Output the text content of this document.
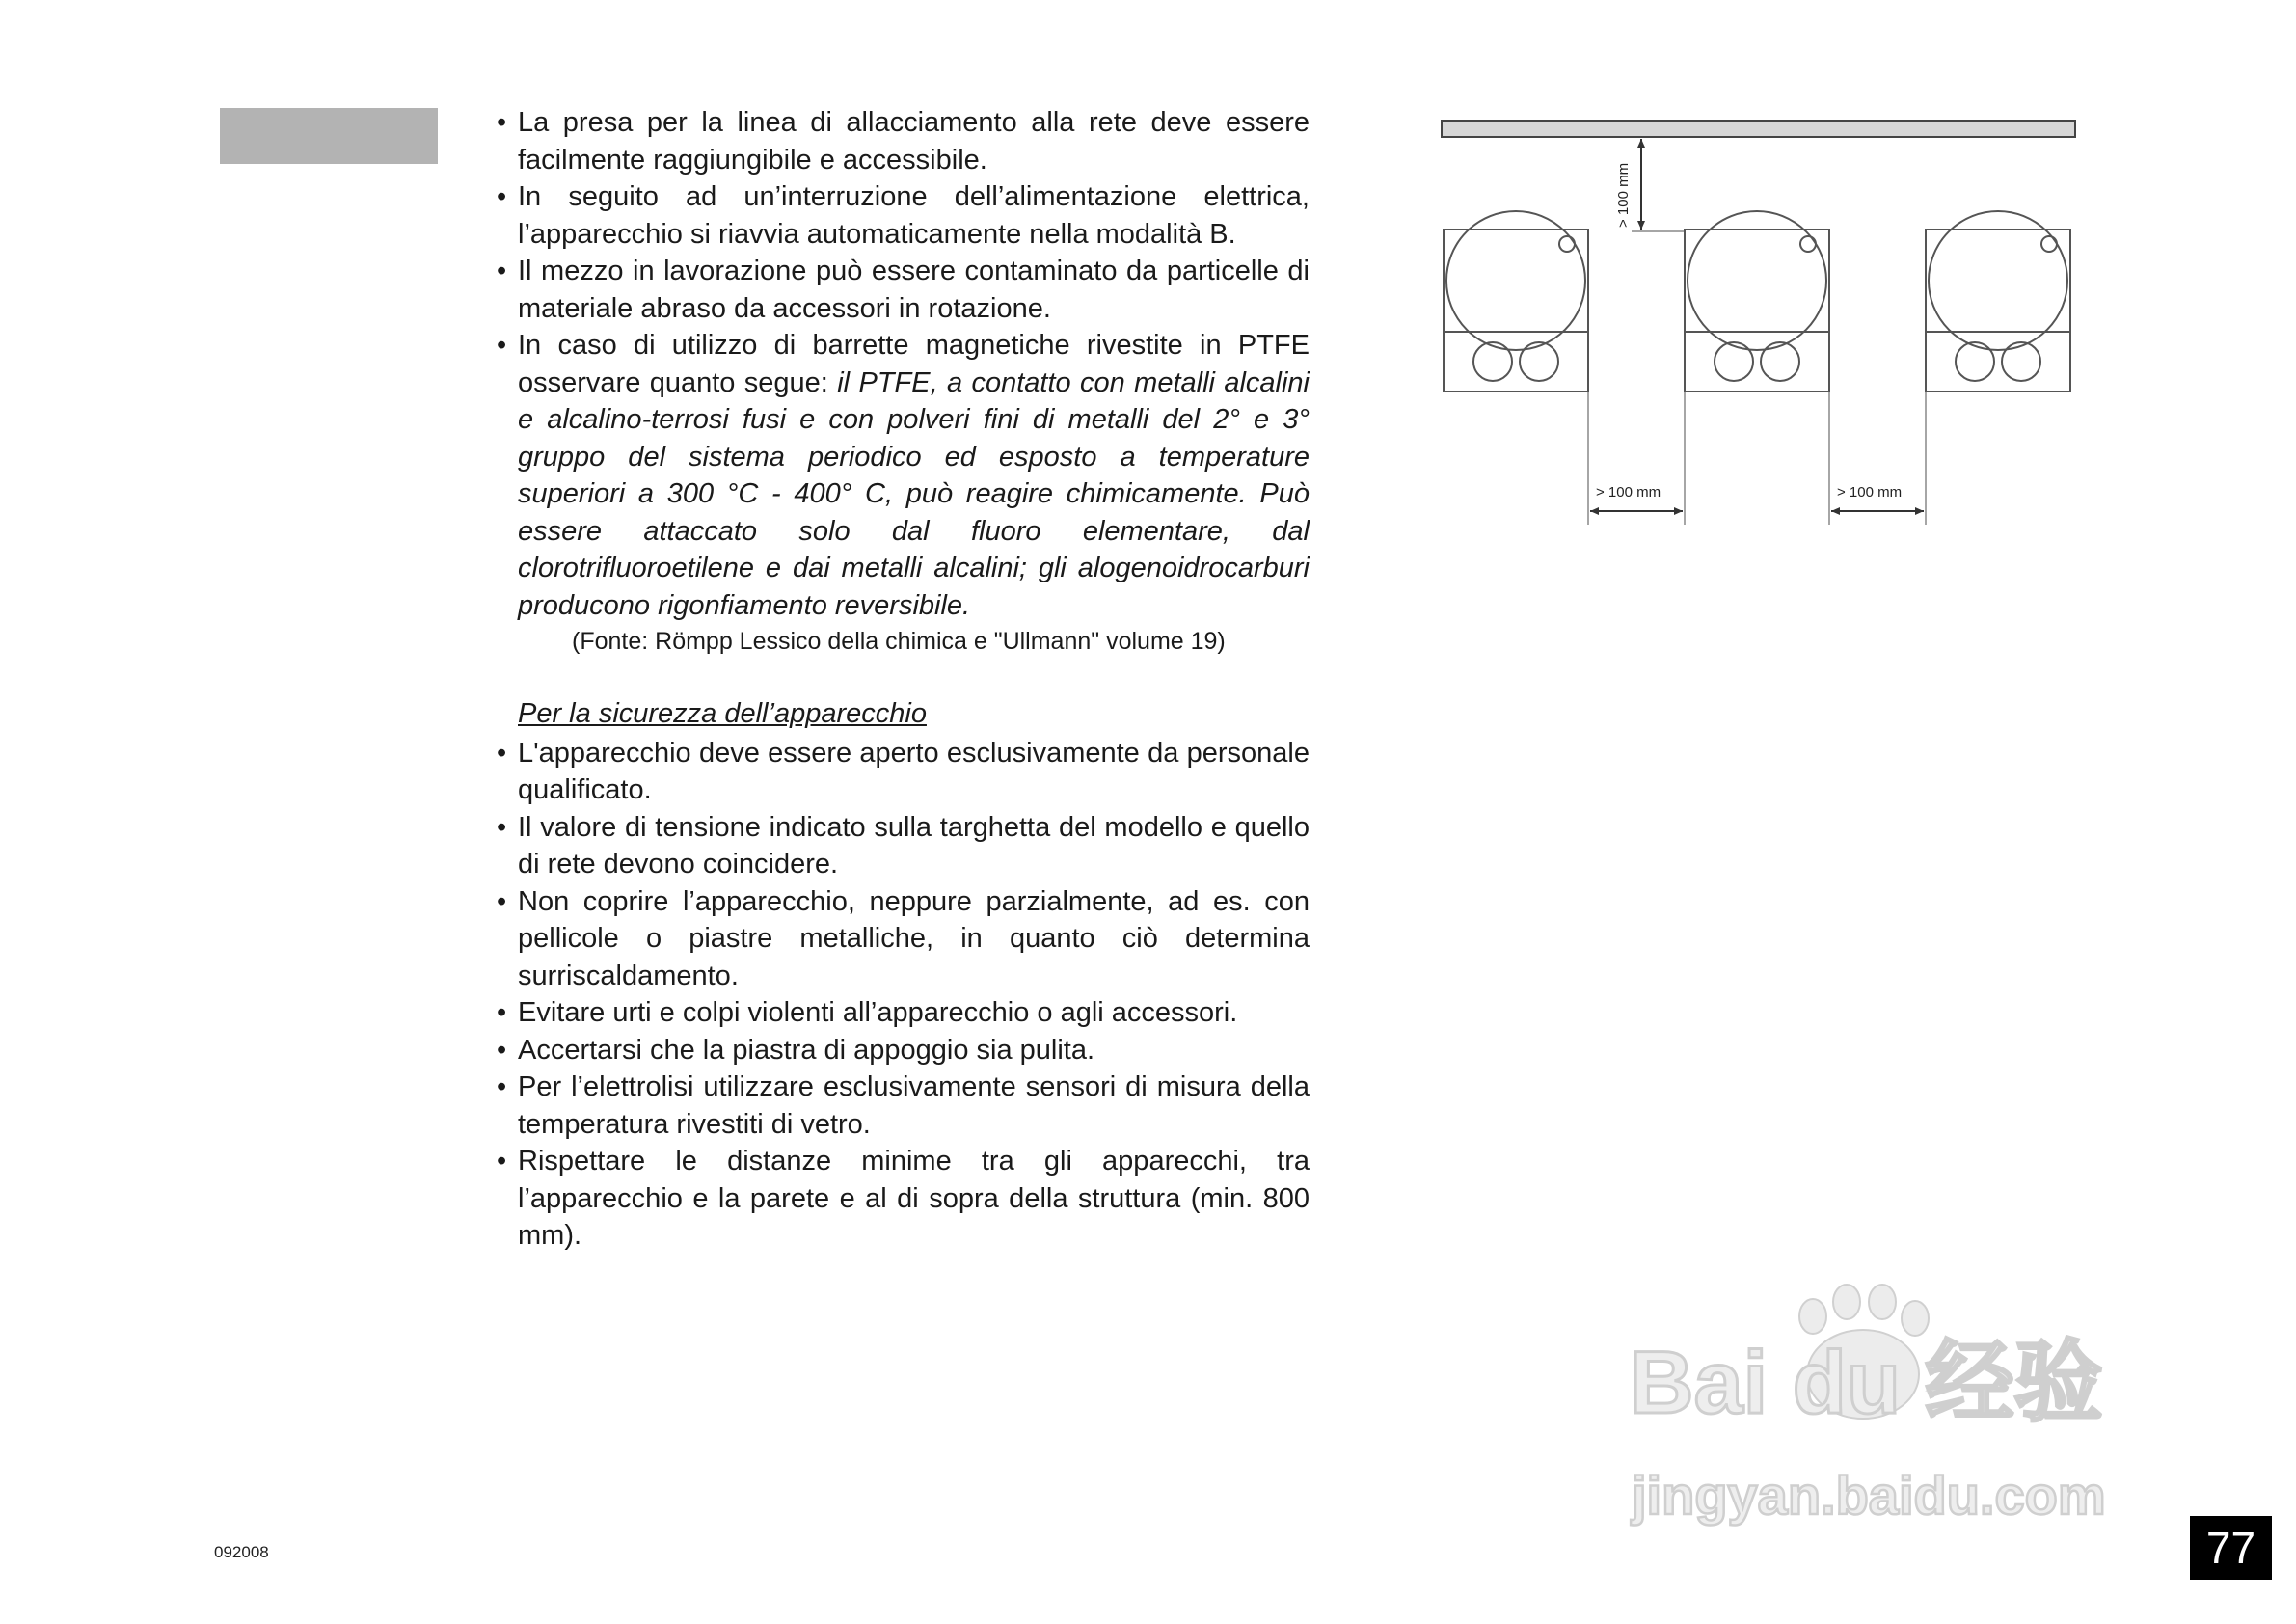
• La presa per la linea di allacciamento alla rete deve essere facilmente raggiungibile e accessibile.
• In seguito ad un’interruzione dell’alimentazione elettrica, l’apparecchio si riavvia automaticamente nella modalità B.
• Il mezzo in lavorazione può essere contaminato da particelle di materiale abraso da accessori in rotazione.
• In caso di utilizzo di barrette magnetiche rivestite in PTFE osservare quanto segue: il PTFE, a contatto con metalli alcalini e alcalino-terrosi fusi e con polveri fini di metalli del 2° e 3° gruppo del sistema periodico ed esposto a temperature superiori a 300 °C - 400° C, può reagire chimicamente. Può essere attaccato solo dal fluoro elementare, dal clorotrifluoroetilene e dai metalli alcalini; gli alogenoidrocarburi producono rigonfiamento reversibile.
(Fonte: Römpp Lessico della chimica e "Ullmann" volume 19)
Per la sicurezza dell’apparecchio
• L'apparecchio deve essere aperto esclusivamente da personale qualificato.
• Il valore di tensione indicato sulla targhetta del modello e quello di rete devono coincidere.
• Non coprire l’apparecchio, neppure parzialmente, ad es. con pellicole o piastre metalliche, in quanto ciò determina surriscaldamento.
• Evitare urti e colpi violenti all’apparecchio o agli accessori.
• Accertarsi che la piastra di appoggio sia pulita.
• Per l’elettrolisi utilizzare esclusivamente sensori di misura della temperatura rivestiti di vetro.
• Rispettare le distanze minime tra gli apparecchi, tra l’apparecchio e la parete e al di sopra della struttura (min. 800 mm).
> 100 mm
> 100 mm	> 100 mm
Bai du 经验
jingyan.baidu.com
092008	77
